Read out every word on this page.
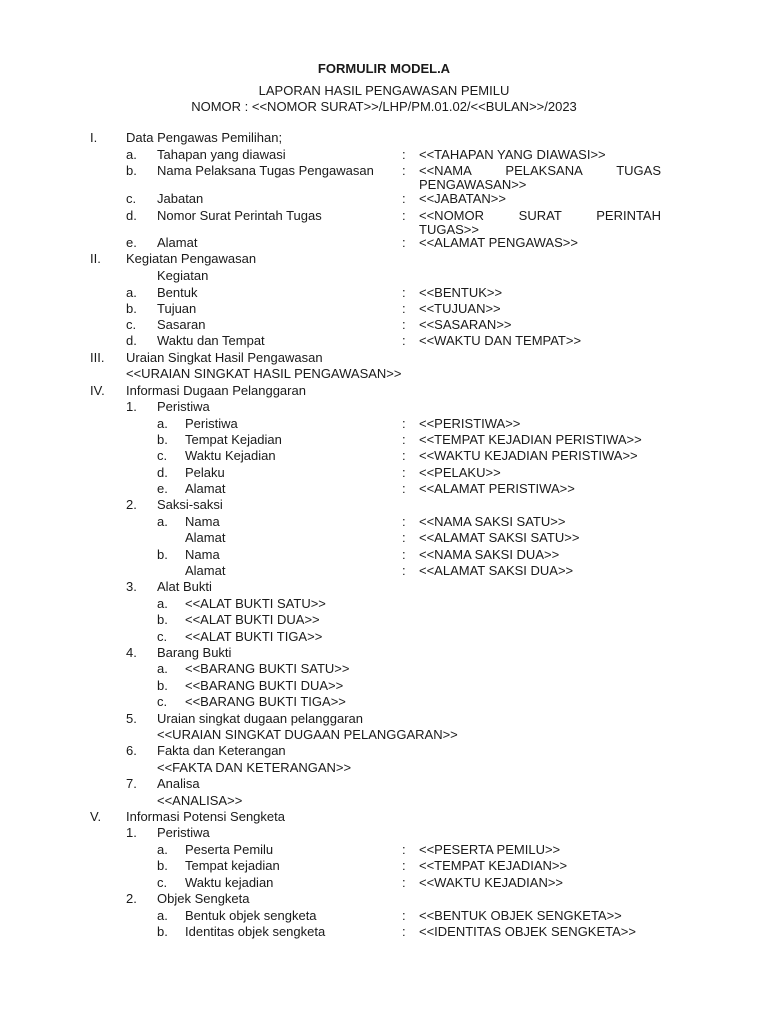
FORMULIR MODEL.A
LAPORAN HASIL PENGAWASAN PEMILU
NOMOR : <<NOMOR SURAT>>/LHP/PM.01.02/<<BULAN>>/2023
I. Data Pengawas Pemilihan;
a. Tahapan yang diawasi	: <<TAHAPAN YANG DIAWASI>>
b. Nama Pelaksana Tugas Pengawasan : <<NAMA PELAKSANA TUGAS PENGAWASAN>>
c. Jabatan	: <<JABATAN>>
d. Nomor Surat Perintah Tugas	: <<NOMOR SURAT PERINTAH TUGAS>>
e. Alamat	: <<ALAMAT PENGAWAS>>
II. Kegiatan Pengawasan
Kegiatan
a. Bentuk	: <<BENTUK>>
b. Tujuan	: <<TUJUAN>>
c. Sasaran	: <<SASARAN>>
d. Waktu dan Tempat	: <<WAKTU DAN TEMPAT>>
III. Uraian Singkat Hasil Pengawasan
<<URAIAN SINGKAT HASIL PENGAWASAN>>
IV. Informasi Dugaan Pelanggaran
1. Peristiwa
a. Peristiwa	: <<PERISTIWA>>
b. Tempat Kejadian	: <<TEMPAT KEJADIAN PERISTIWA>>
c. Waktu Kejadian	: <<WAKTU KEJADIAN PERISTIWA>>
d. Pelaku	: <<PELAKU>>
e. Alamat	: <<ALAMAT PERISTIWA>>
2. Saksi-saksi
a. Nama	: <<NAMA SAKSI SATU>>
Alamat	: <<ALAMAT SAKSI SATU>>
b. Nama	: <<NAMA SAKSI DUA>>
Alamat	: <<ALAMAT SAKSI DUA>>
3. Alat Bukti
a. <<ALAT BUKTI SATU>>
b. <<ALAT BUKTI DUA>>
c. <<ALAT BUKTI TIGA>>
4. Barang Bukti
a. <<BARANG BUKTI SATU>>
b. <<BARANG BUKTI DUA>>
c. <<BARANG BUKTI TIGA>>
5. Uraian singkat dugaan pelanggaran
<<URAIAN SINGKAT DUGAAN PELANGGARAN>>
6. Fakta dan Keterangan
<<FAKTA DAN KETERANGAN>>
7. Analisa
<<ANALISA>>
V. Informasi Potensi Sengketa
1. Peristiwa
a. Peserta Pemilu	: <<PESERTA PEMILU>>
b. Tempat kejadian	: <<TEMPAT KEJADIAN>>
c. Waktu kejadian	: <<WAKTU KEJADIAN>>
2. Objek Sengketa
a. Bentuk objek sengketa	: <<BENTUK OBJEK SENGKETA>>
b. Identitas objek sengketa	: <<IDENTITAS OBJEK SENGKETA>>
